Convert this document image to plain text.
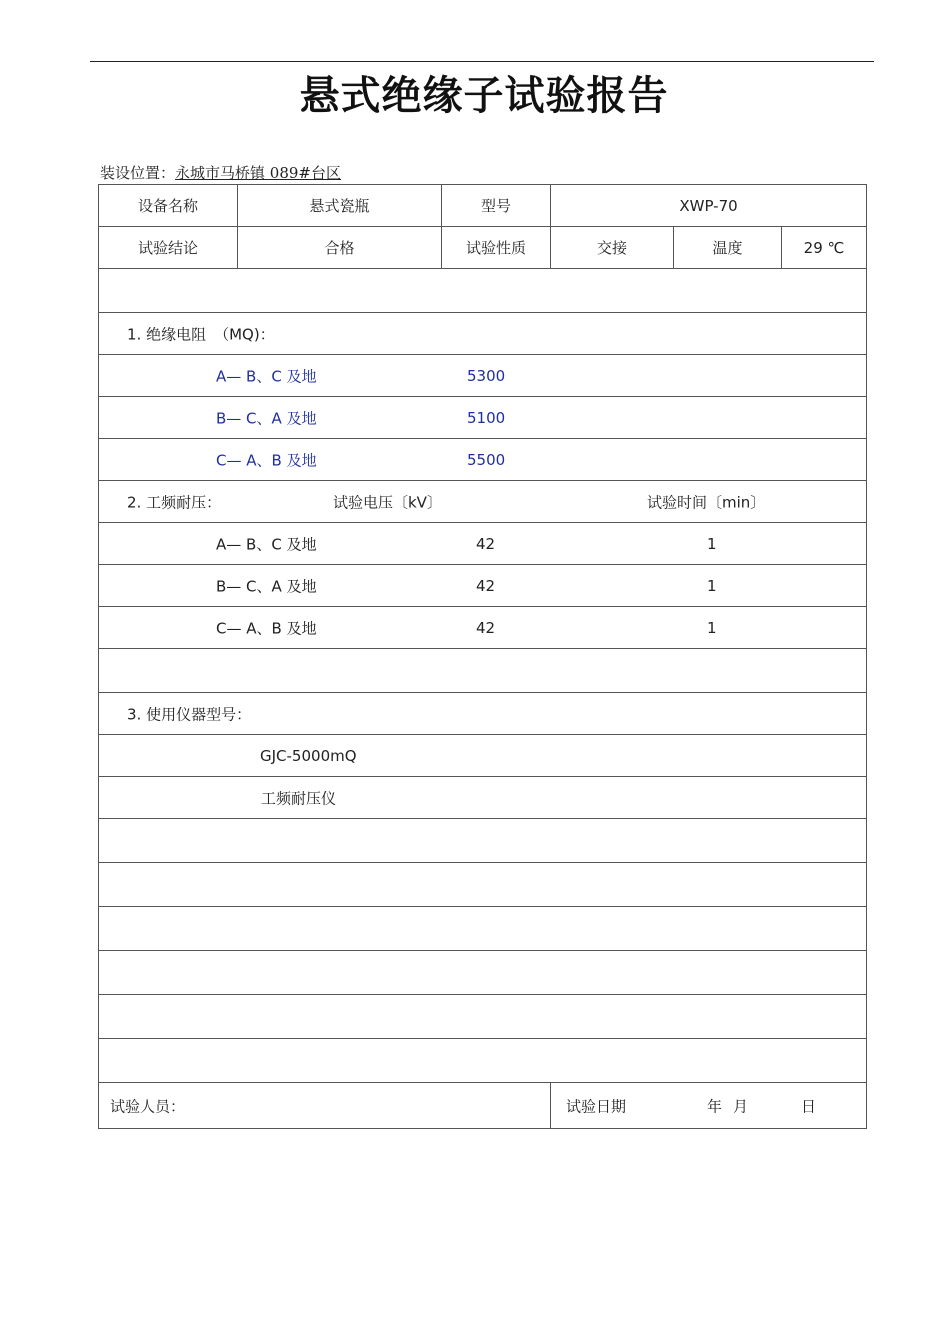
悬式绝缘子试验报告
装设位置：永城市马桥镇 089#台区
设备名称	悬式瓷瓶	型号	XWP-70		
试验结论	合格	试验性质	交接	温度	29 ℃

1. 绝缘电阻 （MQ)：					

A— B、C 及地 5300					

B— C、A 及地 5100					

C— A、B 及地 5500					

2. 工频耐压： 试验电压〔kV〕 试验时间〔min〕					

A— B、C 及地 42 1					

B— C、A 及地 42 1					

C— A、B 及地 42 1					

3. 使用仪器型号：					

GJC-5000mQ					

工频耐压仪					

试验人员：			试验日期 年 月 日		
